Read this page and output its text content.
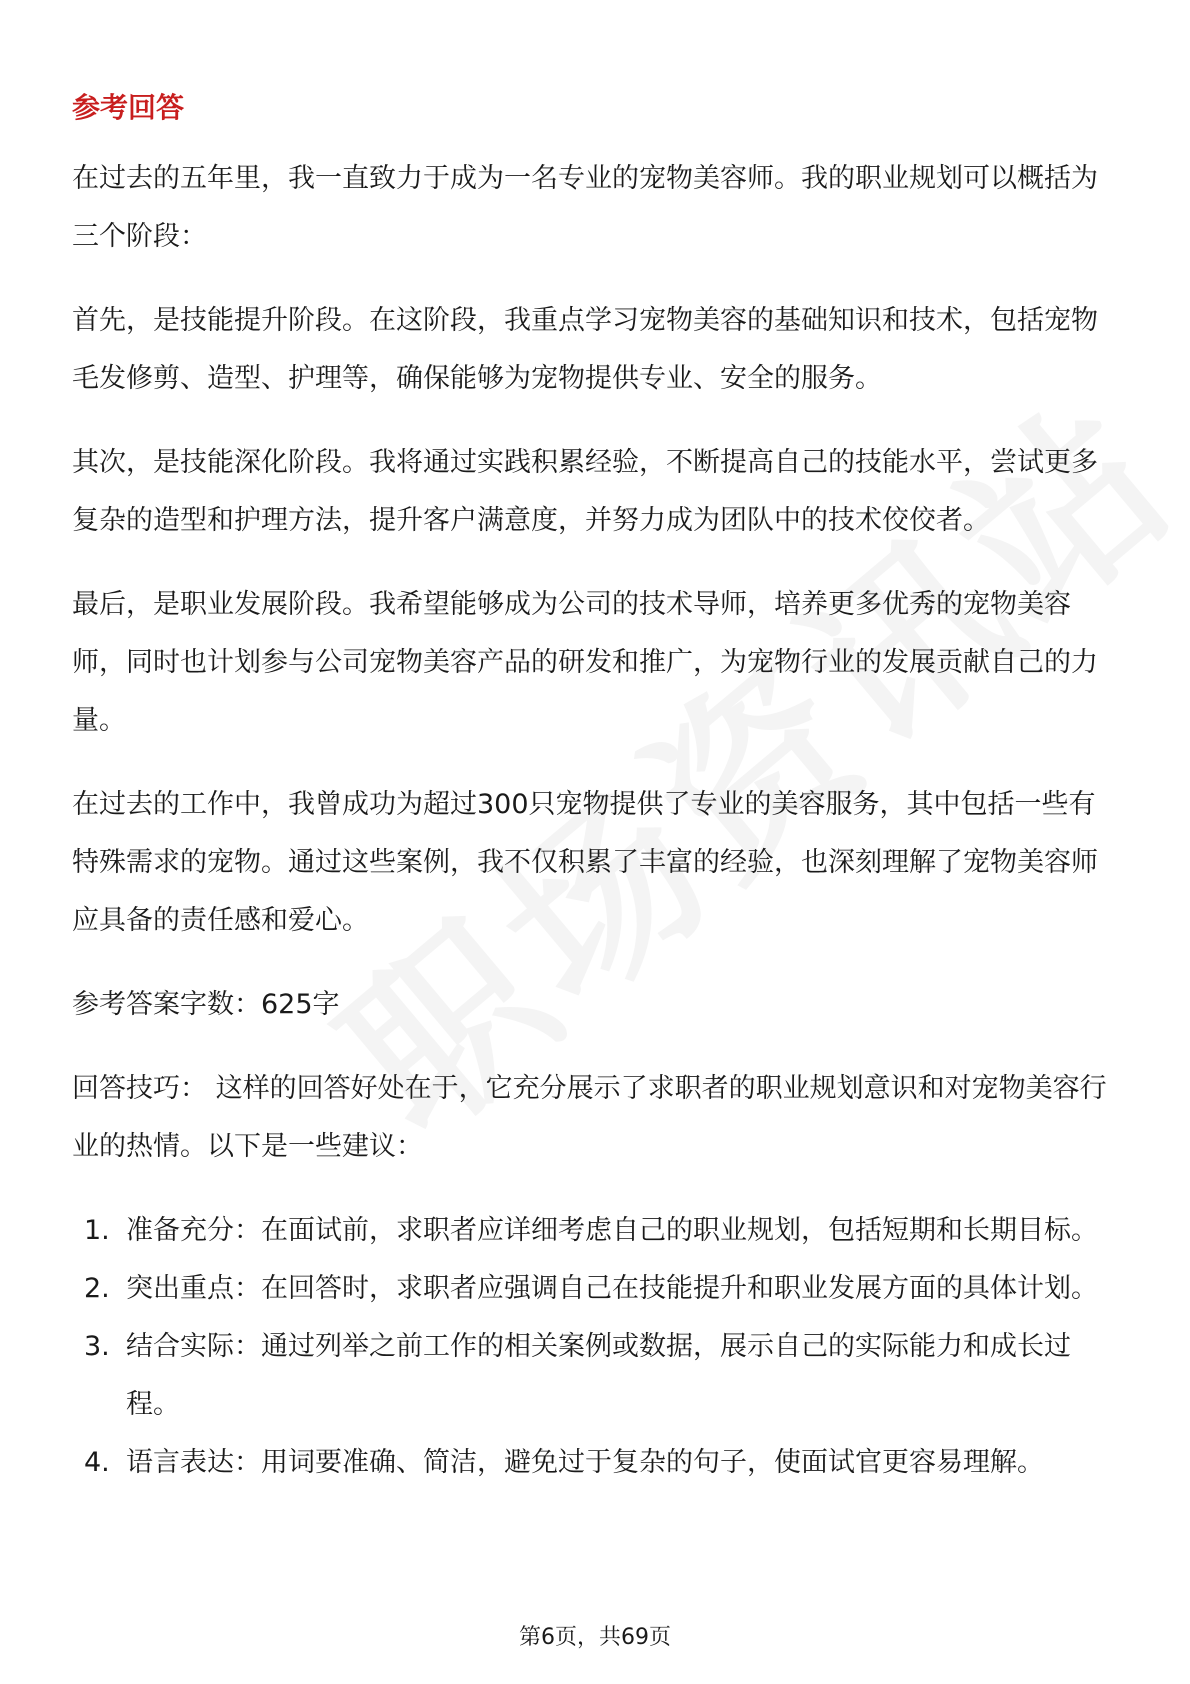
参考回答

在过去的五年里，我一直致力于成为一名专业的宠物美容师。我的职业规划可以概括为三个阶段：

首先，是技能提升阶段。在这阶段，我重点学习宠物美容的基础知识和技术，包括宠物毛发修剪、造型、护理等，确保能够为宠物提供专业、安全的服务。

其次，是技能深化阶段。我将通过实践积累经验，不断提高自己的技能水平，尝试更多复杂的造型和护理方法，提升客户满意度，并努力成为团队中的技术佼佼者。

最后，是职业发展阶段。我希望能够成为公司的技术导师，培养更多优秀的宠物美容师，同时也计划参与公司宠物美容产品的研发和推广，为宠物行业的发展贡献自己的力量。

在过去的工作中，我曾成功为超过300只宠物提供了专业的美容服务，其中包括一些有特殊需求的宠物。通过这些案例，我不仅积累了丰富的经验，也深刻理解了宠物美容师应具备的责任感和爱心。

参考答案字数：625字

回答技巧： 这样的回答好处在于，它充分展示了求职者的职业规划意识和对宠物美容行业的热情。以下是一些建议：

1. 准备充分：在面试前，求职者应详细考虑自己的职业规划，包括短期和长期目标。
2. 突出重点：在回答时，求职者应强调自己在技能提升和职业发展方面的具体计划。
3. 结合实际：通过列举之前工作的相关案例或数据，展示自己的实际能力和成长过程。
4. 语言表达：用词要准确、简洁，避免过于复杂的句子，使面试官更容易理解。
第6页，共69页
